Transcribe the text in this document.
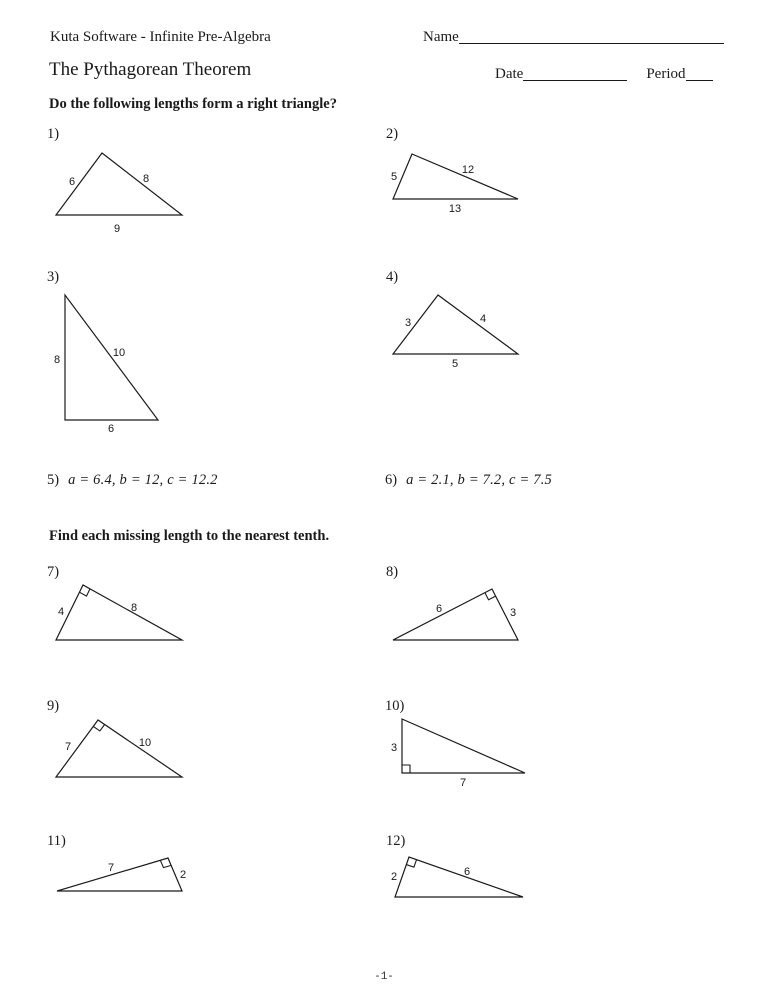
Kuta Software - Infinite Pre-Algebra	Name
The Pythagorean Theorem	Date	Period
Do the following lengths form a right triangle?
1)
6	8
9
2)
5
12
13
3)
8
10
6
4)
3	4
5
7)
4	8
8)
6	3
9)
7	10
10)
3
7
11)
7
2
12)
2	6
5) a = 6.4, b = 12, c = 12.2	6) a = 2.1, b = 7.2, c = 7.5
Find each missing length to the nearest tenth.
-1-
